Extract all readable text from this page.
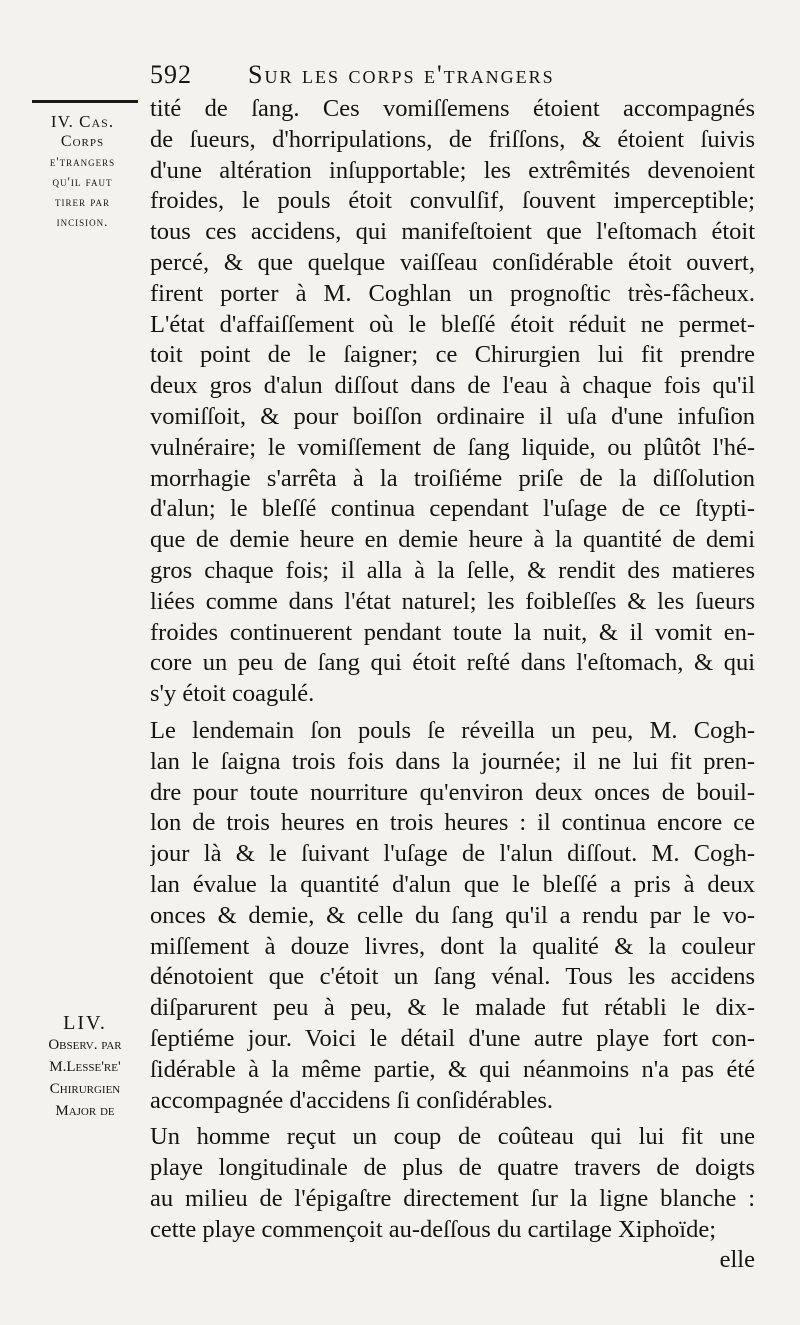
592 Sur les corps e'trangers
IV. Cas.
Corps
e'trangers
qu'il faut
tirer par
incision.
LIV.
Observ. par
M.Lesse're'
Chirurgien
Major de
tité de ſang. Ces vomiſſemens étoient accompagnés
de ſueurs, d'horripulations, de friſſons, & étoient ſuivis
d'une altération inſupportable; les extrêmités devenoient
froides, le pouls étoit convulſif, ſouvent imperceptible;
tous ces accidens, qui manifeſtoient que l'eſtomach étoit
percé, & que quelque vaiſſeau conſidérable étoit ouvert,
firent porter à M. Coghlan un prognoſtic très-fâcheux.
L'état d'affaiſſement où le bleſſé étoit réduit ne permet-
toit point de le ſaigner; ce Chirurgien lui fit prendre
deux gros d'alun diſſout dans de l'eau à chaque fois qu'il
vomiſſoit, & pour boiſſon ordinaire il uſa d'une infuſion
vulnéraire; le vomiſſement de ſang liquide, ou plûtôt l'hé-
morrhagie s'arrêta à la troiſiéme priſe de la diſſolution
d'alun; le bleſſé continua cependant l'uſage de ce ſtypti-
que de demie heure en demie heure à la quantité de demi
gros chaque fois; il alla à la ſelle, & rendit des matieres
liées comme dans l'état naturel; les foibleſſes & les ſueurs
froides continuerent pendant toute la nuit, & il vomit en-
core un peu de ſang qui étoit reſté dans l'eſtomach, & qui
s'y étoit coagulé.
Le lendemain ſon pouls ſe réveilla un peu, M. Cogh-
lan le ſaigna trois fois dans la journée; il ne lui fit pren-
dre pour toute nourriture qu'environ deux onces de bouil-
lon de trois heures en trois heures : il continua encore ce
jour là & le ſuivant l'uſage de l'alun diſſout. M. Cogh-
lan évalue la quantité d'alun que le bleſſé a pris à deux
onces & demie, & celle du ſang qu'il a rendu par le vo-
miſſement à douze livres, dont la qualité & la couleur
dénotoient que c'étoit un ſang vénal. Tous les accidens
diſparurent peu à peu, & le malade fut rétabli le dix-
ſeptiéme jour. Voici le détail d'une autre playe fort con-
ſidérable à la même partie, & qui néanmoins n'a pas été
accompagnée d'accidens ſi conſidérables.
Un homme reçut un coup de coûteau qui lui fit une
playe longitudinale de plus de quatre travers de doigts
au milieu de l'épigaſtre directement ſur la ligne blanche :
cette playe commençoit au-deſſous du cartilage Xiphoïde;
elle
